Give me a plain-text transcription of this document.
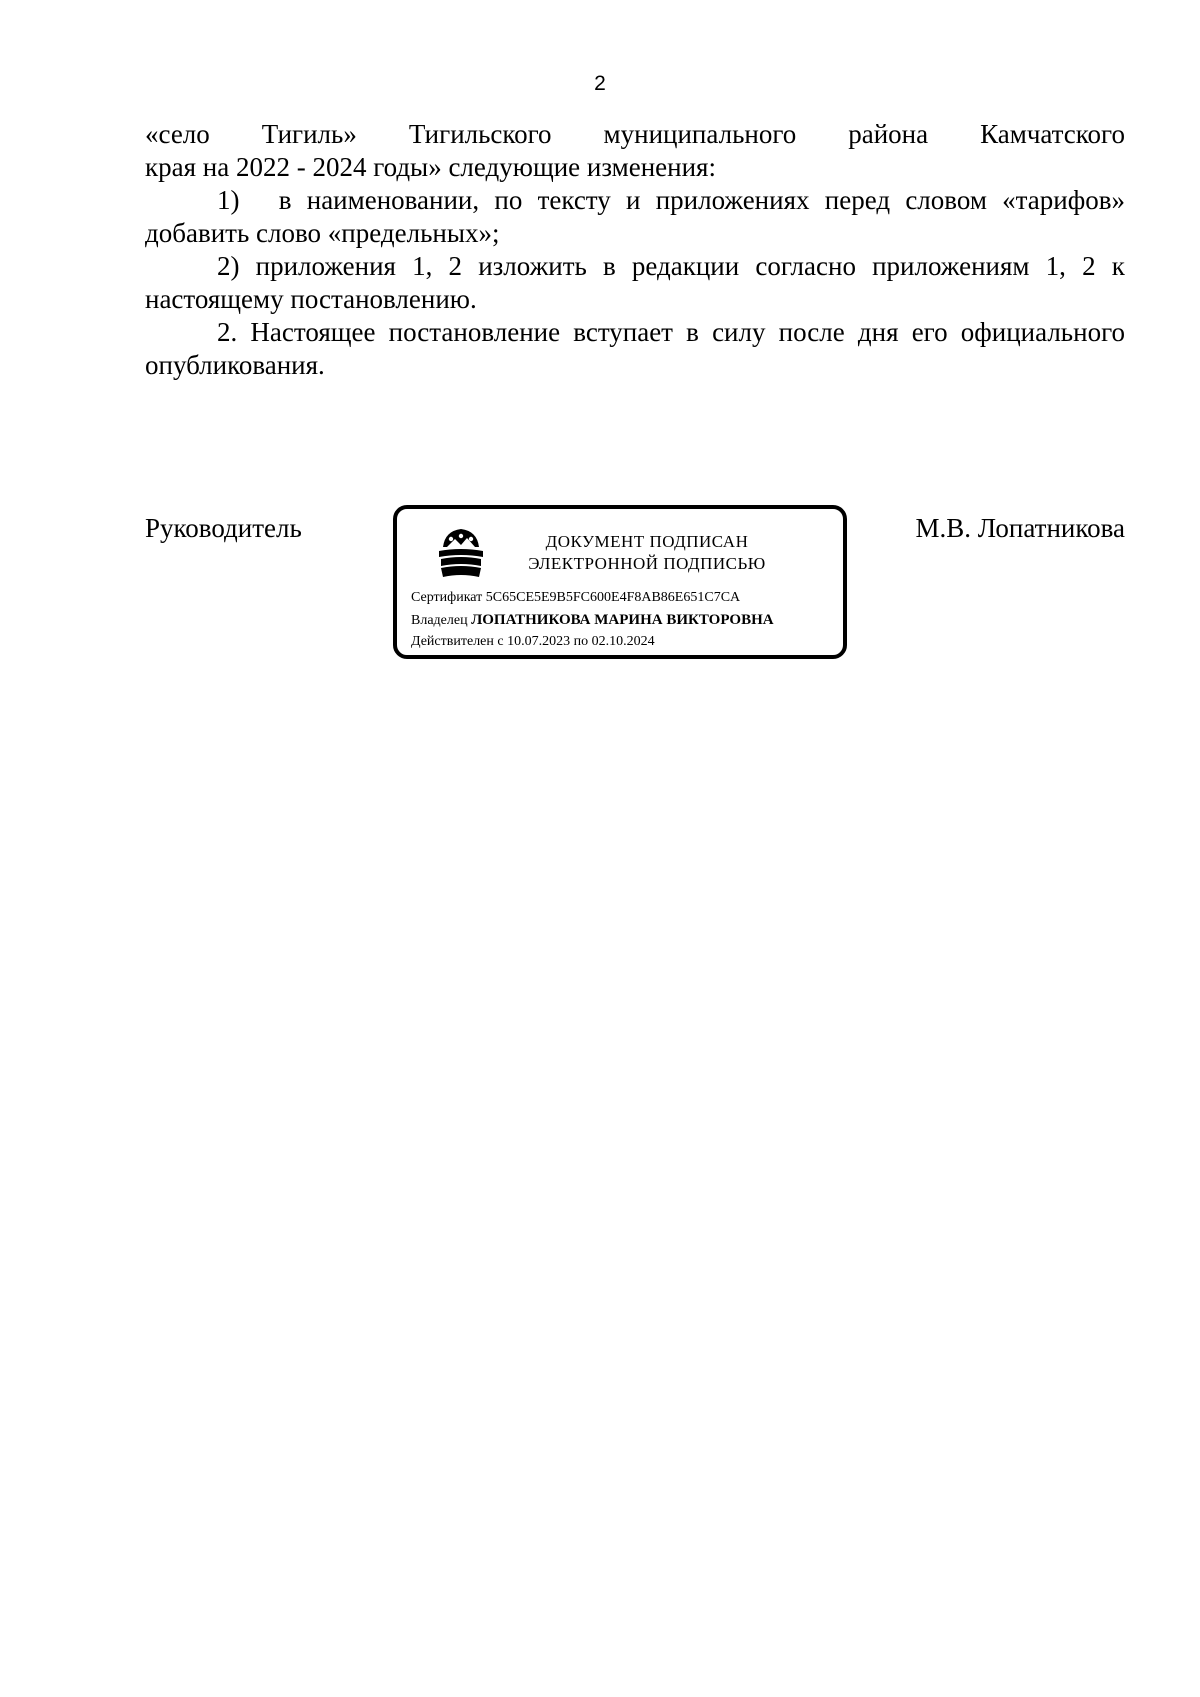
2
«село Тигиль» Тигильского муниципального района Камчатского
края на 2022 - 2024 годы» следующие изменения:
1) в наименовании, по тексту и приложениях перед словом «тарифов»
добавить слово «предельных»;
2) приложения 1, 2 изложить в редакции согласно приложениям 1, 2 к
настоящему постановлению.
2. Настоящее постановление вступает в силу после дня его официального
опубликования.
Руководитель	М.В. Лопатникова
ДОКУМЕНТ ПОДПИСАН
ЭЛЕКТРОННОЙ ПОДПИСЬЮ
Сертификат 5C65CE5E9B5FC600E4F8AB86E651C7CA
Владелец ЛОПАТНИКОВА МАРИНА ВИКТОРОВНА
Действителен с 10.07.2023 по 02.10.2024
